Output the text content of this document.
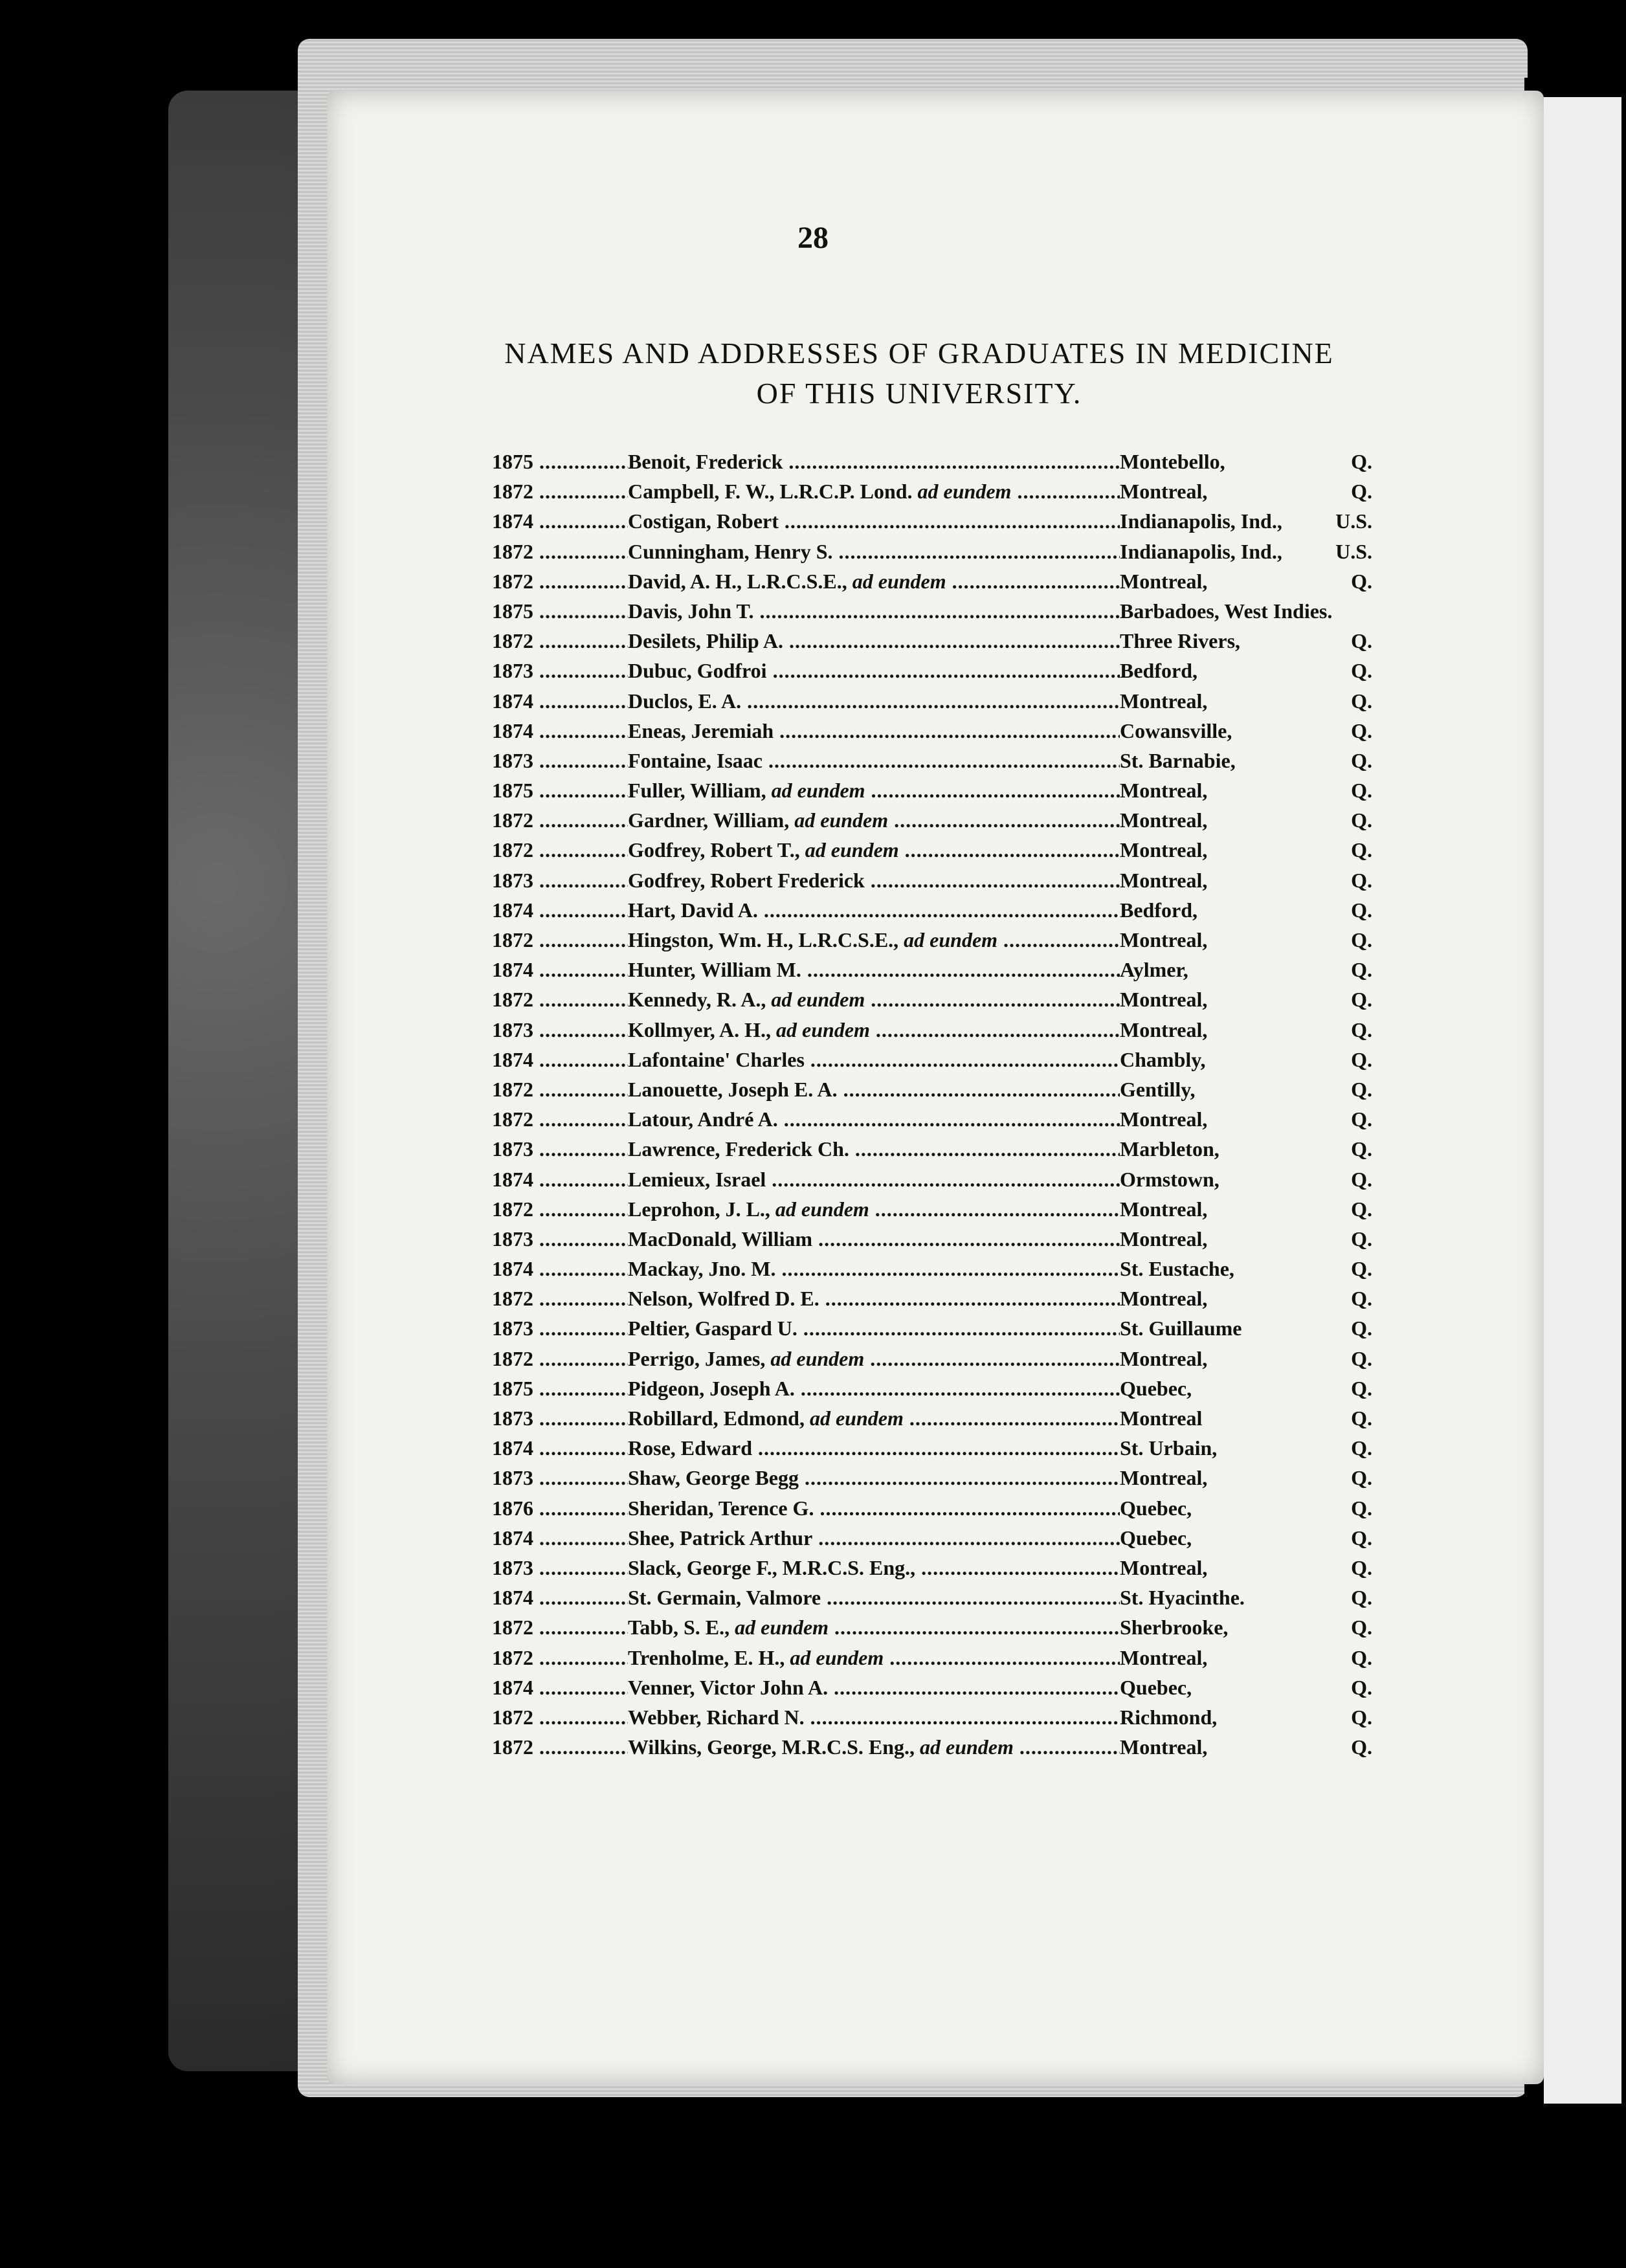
28
NAMES AND ADDRESSES OF GRADUATES IN MEDICINE
OF THIS UNIVERSITY.
1875 .....	Benoit, Frederick .....	Montebello,	Q.
1872 .....	Campbell, F. W., L.R.C.P. Lond. ad eundem .....	Montreal,	Q.
1874 .....	Costigan, Robert .....	Indianapolis, Ind.,	U.S.
1872 .....	Cunningham, Henry S. .....	Indianapolis, Ind.,	U.S.
1872 .....	David, A. H., L.R.C.S.E., ad eundem .....	Montreal,	Q.
1875 .....	Davis, John T. .....	Barbadoes, West Indies.
1872 .....	Desilets, Philip A. .....	Three Rivers,	Q.
1873 .....	Dubuc, Godfroi .....	Bedford,	Q.
1874 .....	Duclos, E. A. .....	Montreal,	Q.
1874 .....	Eneas, Jeremiah .....	Cowansville,	Q.
1873 .....	Fontaine, Isaac .....	St. Barnabie,	Q.
1875 .....	Fuller, William, ad eundem .....	Montreal,	Q.
1872 .....	Gardner, William, ad eundem .....	Montreal,	Q.
1872 .....	Godfrey, Robert T., ad eundem .....	Montreal,	Q.
1873 .....	Godfrey, Robert Frederick .....	Montreal,	Q.
1874 .....	Hart, David A. .....	Bedford,	Q.
1872 .....	Hingston, Wm. H., L.R.C.S.E., ad eundem .....	Montreal,	Q.
1874 .....	Hunter, William M. .....	Aylmer,	Q.
1872 .....	Kennedy, R. A., ad eundem .....	Montreal,	Q.
1873 .....	Kollmyer, A. H., ad eundem .....	Montreal,	Q.
1874 .....	Lafontaine' Charles .....	Chambly,	Q.
1872 .....	Lanouette, Joseph E. A. .....	Gentilly,	Q.
1872 .....	Latour, André A. .....	Montreal,	Q.
1873 .....	Lawrence, Frederick Ch. .....	Marbleton,	Q.
1874 .....	Lemieux, Israel .....	Ormstown,	Q.
1872 .....	Leprohon, J. L., ad eundem .....	Montreal,	Q.
1873 .....	MacDonald, William .....	Montreal,	Q.
1874 .....	Mackay, Jno. M. .....	St. Eustache,	Q.
1872 .....	Nelson, Wolfred D. E. .....	Montreal,	Q.
1873 .....	Peltier, Gaspard U. .....	St. Guillaume	Q.
1872 .....	Perrigo, James, ad eundem .....	Montreal,	Q.
1875 .....	Pidgeon, Joseph A. .....	Quebec,	Q.
1873 .....	Robillard, Edmond, ad eundem .....	Montreal	Q.
1874 .....	Rose, Edward .....	St. Urbain,	Q.
1873 .....	Shaw, George Begg .....	Montreal,	Q.
1876 .....	Sheridan, Terence G. .....	Quebec,	Q.
1874 .....	Shee, Patrick Arthur .....	Quebec,	Q.
1873 .....	Slack, George F., M.R.C.S. Eng., .....	Montreal,	Q.
1874 .....	St. Germain, Valmore .....	St. Hyacinthe.	Q.
1872 .....	Tabb, S. E., ad eundem .....	Sherbrooke,	Q.
1872 .....	Trenholme, E. H., ad eundem .....	Montreal,	Q.
1874 .....	Venner, Victor John A. .....	Quebec,	Q.
1872 .....	Webber, Richard N. .....	Richmond,	Q.
1872 .....	Wilkins, George, M.R.C.S. Eng., ad eundem .....	Montreal,	Q.
